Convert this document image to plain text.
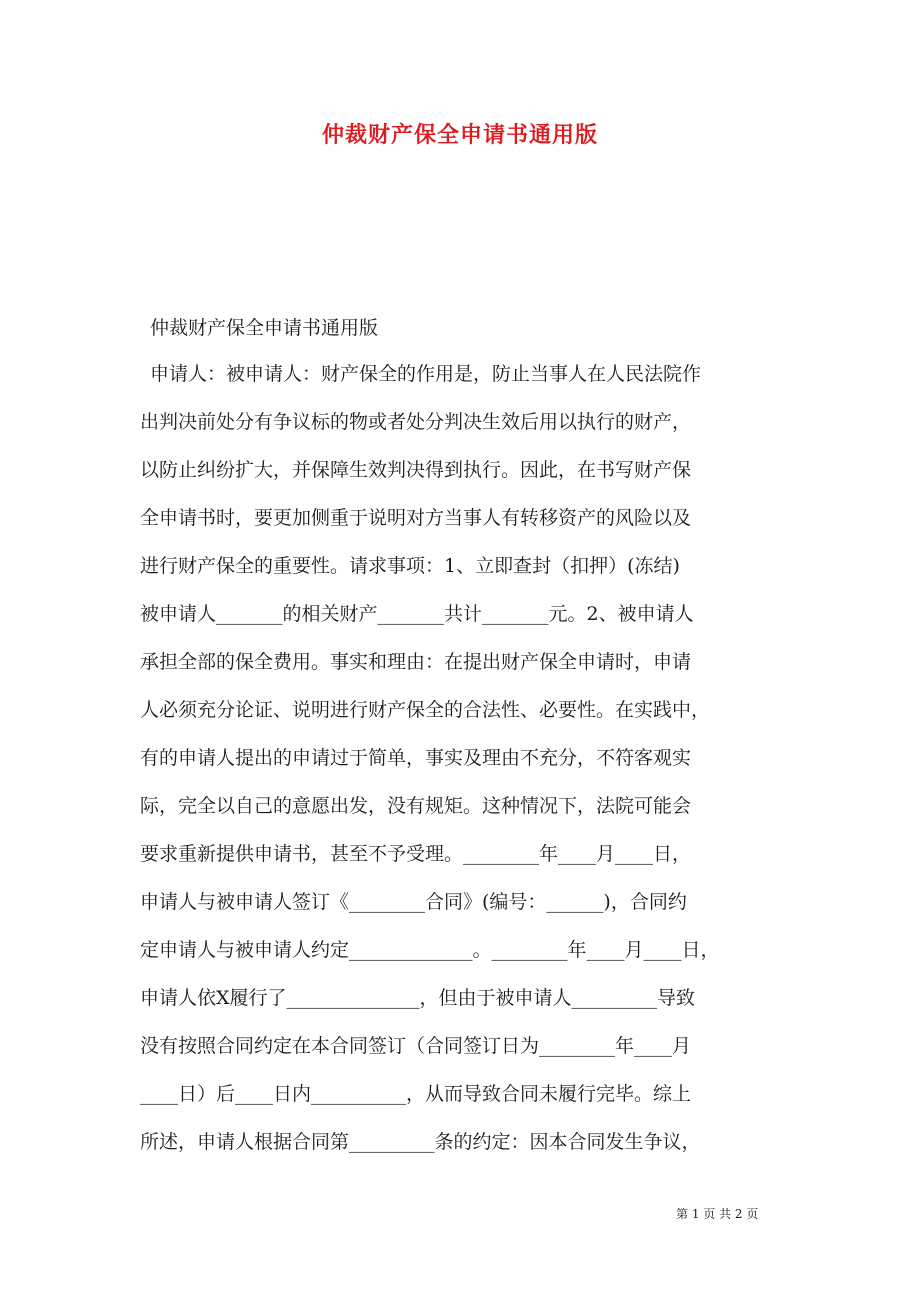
仲裁财产保全申请书通用版
仲裁财产保全申请书通用版
申请人：被申请人：财产保全的作用是，防止当事人在人民法院作
出判决前处分有争议标的物或者处分判决生效后用以执行的财产，
以防止纠纷扩大，并保障生效判决得到执行。因此，在书写财产保
全申请书时，要更加侧重于说明对方当事人有转移资产的风险以及
进行财产保全的重要性。请求事项：1、立即查封（扣押）(冻结)
被申请人_______的相关财产_______共计_______元。2、被申请人
承担全部的保全费用。事实和理由：在提出财产保全申请时，申请
人必须充分论证、说明进行财产保全的合法性、必要性。在实践中，
有的申请人提出的申请过于简单，事实及理由不充分，不符客观实
际，完全以自己的意愿出发，没有规矩。这种情况下，法院可能会
要求重新提供申请书，甚至不予受理。________年____月____日，
申请人与被申请人签订《________合同》(编号：______)，合同约
定申请人与被申请人约定_____________。________年____月____日，
申请人依X履行了______________，但由于被申请人_________导致
没有按照合同约定在本合同签订（合同签订日为________年____月
____日）后____日内__________，从而导致合同未履行完毕。综上
所述，申请人根据合同第_________条的约定：因本合同发生争议，
第 1 页 共 2 页
